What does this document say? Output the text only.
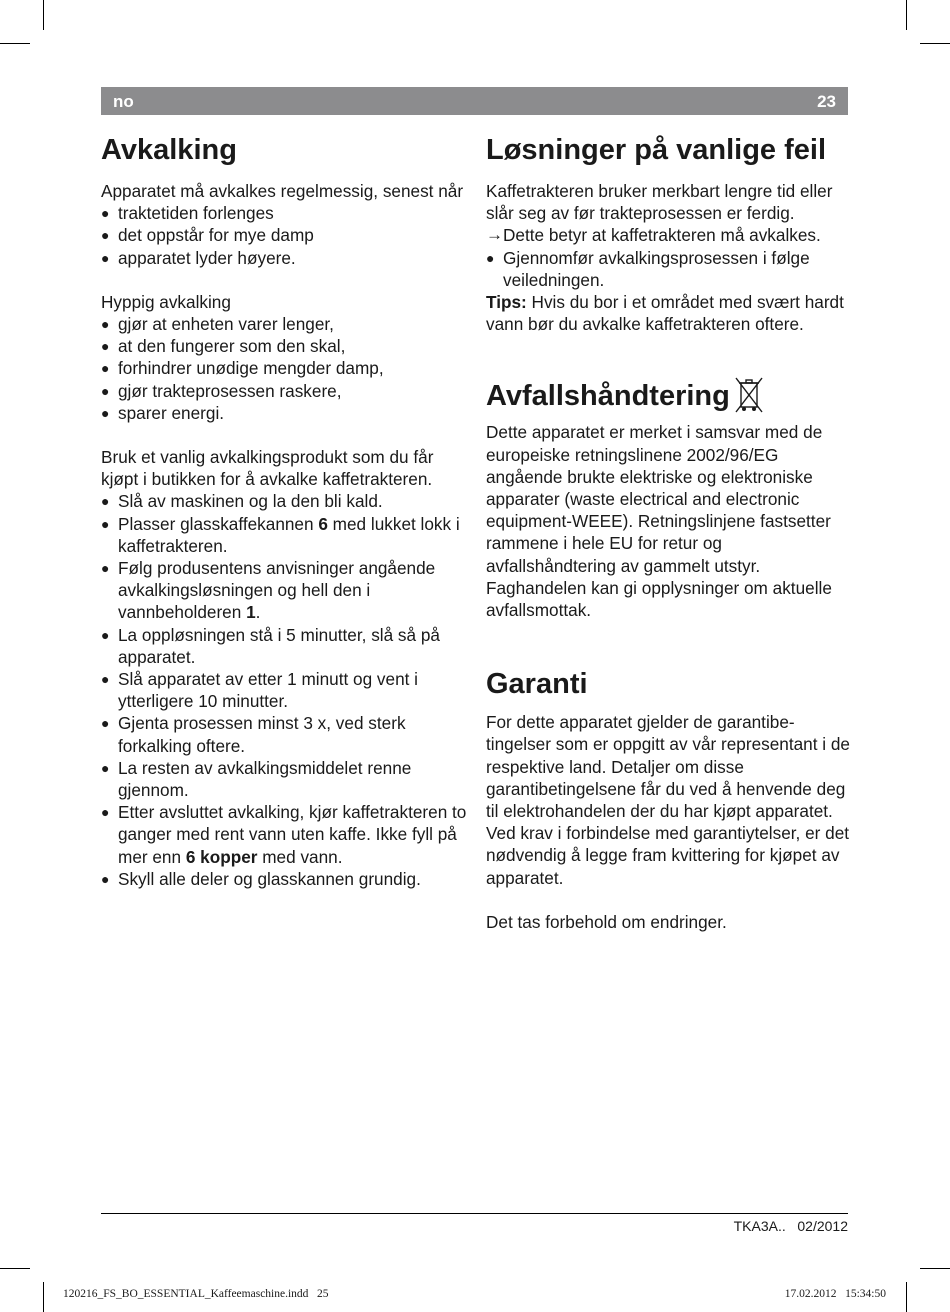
no	23
Avkalking

Apparatet må avkalkes regelmessig, senest når

● traktetiden forlenges
● det oppstår for mye damp
● apparatet lyder høyere.

Hyppig avkalking

● gjør at enheten varer lenger,
● at den fungerer som den skal,
● forhindrer unødige mengder damp,
● gjør trakteprosessen raskere,
● sparer energi.

Bruk et vanlig avkalkingsprodukt som du får kjøpt i butikken for å avkalke kaffetrakteren.

● Slå av maskinen og la den bli kald.
● Plasser glasskaffekannen 6 med lukket lokk i kaffetrakteren.
● Følg produsentens anvisninger angående avkalkingsløsningen og hell den i vannbeholderen 1.
● La oppløsningen stå i 5 minutter, slå så på apparatet.
● Slå apparatet av etter 1 minutt og vent i ytterligere 10 minutter.
● Gjenta prosessen minst 3 x, ved sterk forkalking oftere.
● La resten av avkalkingsmiddelet renne gjennom.
● Etter avsluttet avkalking, kjør kaffetrakteren to ganger med rent vann uten kaffe. Ikke fyll på mer enn 6 kopper med vann.
● Skyll alle deler og glasskannen grundig.
Løsninger på vanlige feil

Kaffetrakteren bruker merkbart lengre tid eller slår seg av før trakteprosessen er ferdig.

→ Dette betyr at kaffetrakteren må avkalkes.
● Gjennomfør avkalkingsprosessen i følge veiledningen.

Tips: Hvis du bor i et området med svært hardt vann bør du avkalke kaffetrakteren oftere.

Avfallshåndtering

Dette apparatet er merket i samsvar med de europeiske retningslinene 2002/96/EG angående brukte elektriske og elektroniske apparater (waste electrical and electronic equipment-WEEE). Retningslinjene fastsetter rammene i hele EU for retur og avfallshåndtering av gammelt utstyr. Faghandelen kan gi opplysninger om aktuelle avfallsmottak.

Garanti

For dette apparatet gjelder de garantibe-tingelser som er oppgitt av vår representant i de respektive land. Detaljer om disse garantibetingelsene får du ved å henvende deg til elektrohandelen der du har kjøpt apparatet. Ved krav i forbindelse med garantiytelser, er det nødvendig å legge fram kvittering for kjøpet av apparatet.

Det tas forbehold om endringer.

TKA3A..   02/2012
120216_FS_BO_ESSENTIAL_Kaffeemaschine.indd   25	17.02.2012   15:34:50
